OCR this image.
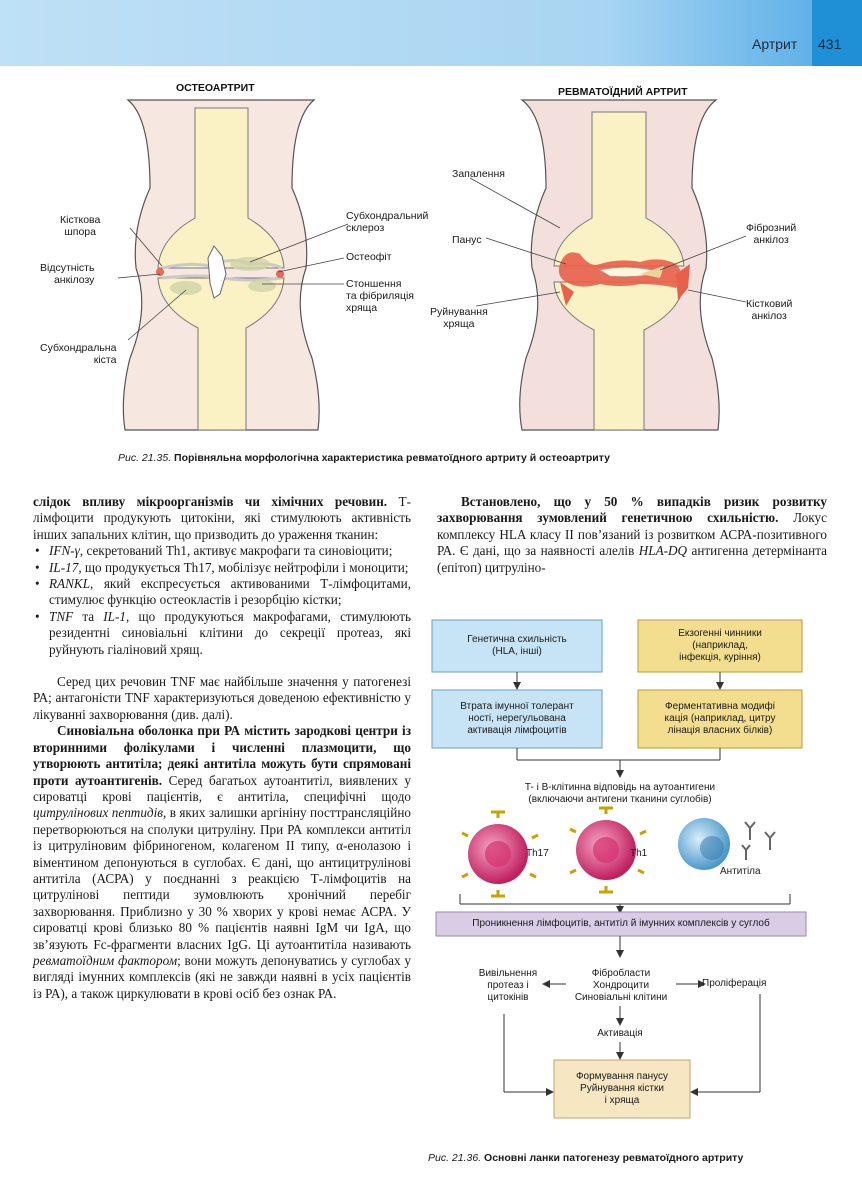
Артрит 431
ОСТЕОАРТРИТ	РЕВМАТОЇДНИЙ АРТРИТ
Кісткова
шпора
Відсутність
анкілозу
Субхондральна
кіста
Субхондральний
склероз
Остеофіт
Стоншення
та фібриляція
хряща
Запалення
Панус
Руйнування
хряща
Фіброзний
анкілоз
Кістковий
анкілоз
Рис. 21.35. Порівняльна морфологічна характеристика ревматоїдного артриту й остеоартриту

слідок впливу мікроорганізмів чи хімічних речовин. Т-лімфоцити продукують цитокіни, які стимулюють активність інших запальних клітин, що призводить до ураження тканин:

• IFN-γ, секретований Th1, активує макрофаги та синовіоцити;
• IL-17, що продукується Th17, мобілізує нейтрофіли і моноцити;
• RANKL, який експресується активованими Т-лімфоцитами, стимулює функцію остеокластів і резорбцію кістки;
• TNF та IL-1, що продукуються макрофагами, стимулюють резидентні синовіальні клітини до секреції протеаз, які руйнують гіаліновий хрящ.

Серед цих речовин TNF має найбільше значення у патогенезі РА; антагоністи TNF характеризуються доведеною ефективністю у лікуванні захворювання (див. далі).

Синовіальна оболонка при РА містить зародкові центри із вторинними фолікулами і численні плазмоцити, що утворюють антитіла; деякі антитіла можуть бути спрямовані проти аутоантигенів. Серед багатьох аутоантитіл, виявлених у сироватці крові пацієнтів, є антитіла, специфічні щодо цитрулінових пептидів, в яких залишки аргініну посттрансляційно перетворюються на сполуки цитруліну. При РА комплекси антитіл із цитруліновим фібриногеном, колагеном II типу, α-енолазою і віментином депонуються в суглобах. Є дані, що антицитрулінові антитіла (АСРА) у поєднанні з реакцією Т-лімфоцитів на цитрулінові пептиди зумовлюють хронічний перебіг захворювання. Приблизно у 30 % хворих у крові немає АСРА. У сироватці крові близько 80 % пацієнтів наявні IgM чи IgA, що зв’язують Fc-фрагменти власних IgG. Ці аутоантитіла називають ревматоїдним фактором; вони можуть депонуватись у суглобах у вигляді імунних комплексів (які не завжди наявні в усіх пацієнтів із РА), а також циркулювати в крові осіб без ознак РА.

Встановлено, що у 50 % випадків ризик розвитку захворювання зумовлений генетичною схильністю. Локус комплексу HLA класу II пов’язаний із розвитком АСРА-позитивного РА. Є дані, що за наявності алелів HLA-DQ антигенна детермінанта (епітоп) цитруліно-

Генетична схильність
(HLA, інші)
Екзогенні чинники
(наприклад,
інфекція, куріння)
Втрата імунної толерант
ності, нерегульована
активація лімфоцитів
Ферментативна модифі
кація (наприклад, цитру
лінація власних білків)
T- і B-клітинна відповідь на аутоантигени
(включаючи антигени тканини суглобів)
Th17	Th1
Антитіла
Проникнення лімфоцитів, антитіл й імунних комплексів у суглоб
Вивільнення
протеаз і
цитокінів
Фібробласти
Хондроцити
Синовіальні клітини
Проліферація
Активація
Формування панусу
Руйнування кістки
і хряща
Рис. 21.36. Основні ланки патогенезу ревматоїдного артриту
